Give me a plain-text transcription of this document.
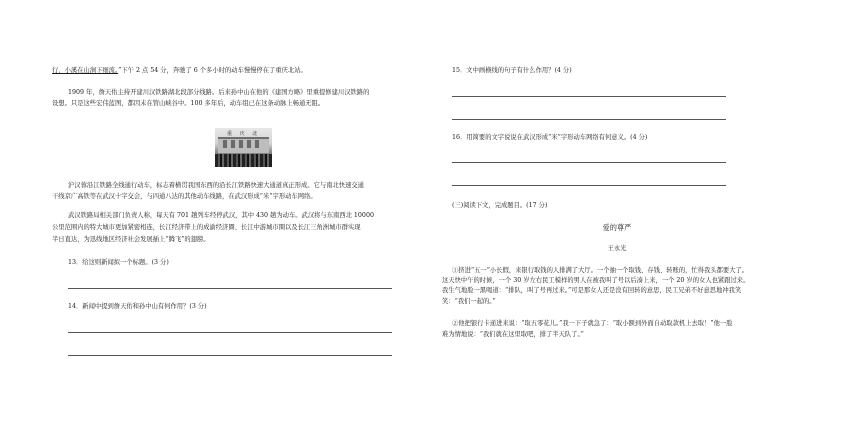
行，小溪在山涧下细流。”下午 2 点 54 分，奔驰了 6 个多小时的动车慢慢停在了重庆北站。
1909 年，詹天佑主持开建川汉铁路湖北段部分线路。后来孙中山在他的《建国方略》里重提修建川汉铁路的
设想。只是这些宏伟蓝图，都因未在管山峡谷中。100 多年后，动车组已在这条动脉上畅通无阻。
沪汉蓉沿江铁路全线通行动车，标志着横贯我国东西的沿长江铁路快速大通道真正形成。它与南北快速交通
干线京广高铁等在武汉十字交会，与四通八达的其他动车线路，在武汉形成“米”字形动车网络。
武汉铁路局相关部门负责人称，每天有 701 趟列车经停武汉，其中 430 趟为动车。武汉将与东南西北 10000
公里范围内的特大城市更加紧密相连，长江经济带上的成渝经济圈、长江中游城市圈以及长江三角洲城市群实现
半日直达，为迅线地区经济社会发展插上“腾飞”的翅膀。
13．给这则新闻拟一个标题。(3 分)
14．新闻中提到詹天佑和孙中山有何作用？(3 分)
重 庆 北
15．文中画横线的句子有什么作用？(4 分)
16．用简要的文字说说在武汉形成“米”字形动车网络有何意义。(4 分)
(三)阅读下文，完成题目。(17 分)
爱的尊严
王永光
①挤进“五一”小长假，来银行取钱的人排满了大厅。一个抽一个取钱、存钱、转账的，忙得我头都要大了。
这天快中午的时候，一个 30 岁左右民工模样的男人在被我叫了号以后凑上来，一个 20 岁的女人也紧跟过来。
我生气地脸一黑喝道：“排队，叫了号再过来。”可是那女人还是没有回转的意思，民工兄弟不好意思地冲我笑
笑：“我们一起的。”
②他把银行卡递进来说：“取五零花儿。”我一下子就急了：“取小额到外面自动取款机上去取！”他一脸
难为情地说：“我们就在这里取吧，排了半天队了。”
